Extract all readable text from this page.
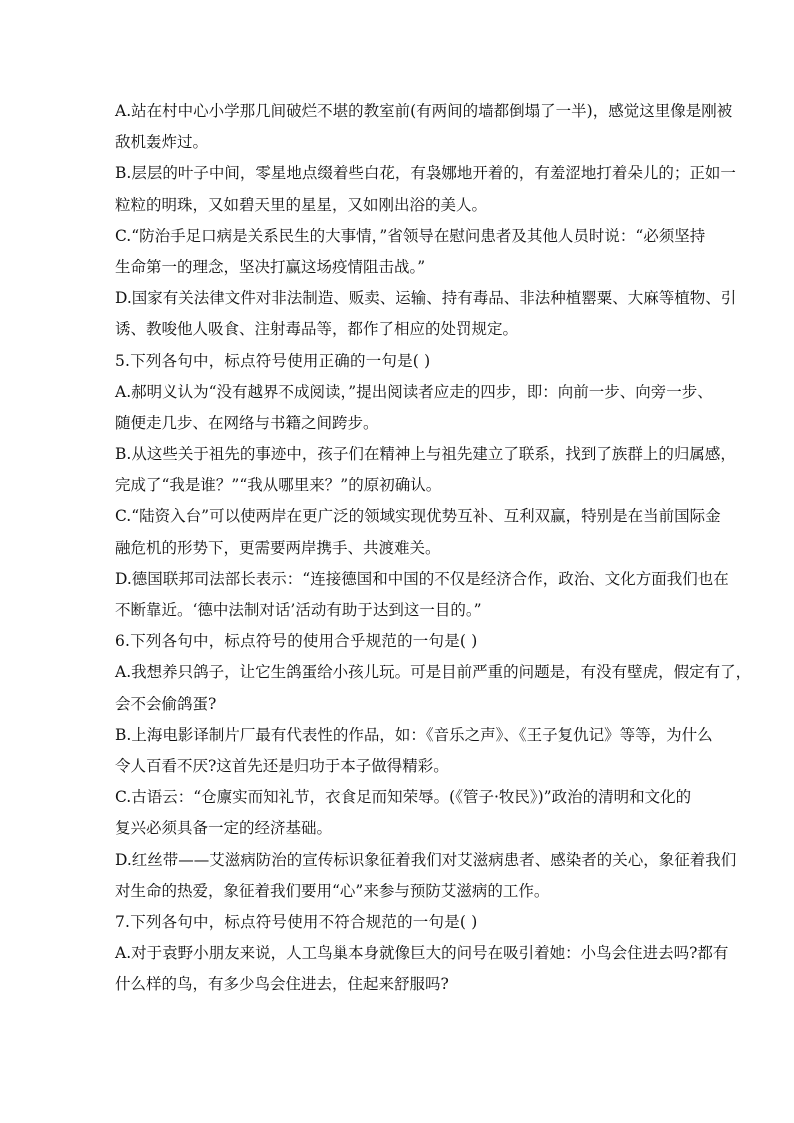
A.站在村中心小学那几间破烂不堪的教室前(有两间的墙都倒塌了一半)，感觉这里像是刚被
敌机轰炸过。
B.层层的叶子中间，零星地点缀着些白花，有袅娜地开着的，有羞涩地打着朵儿的；正如一
粒粒的明珠，又如碧天里的星星，又如刚出浴的美人。
C.“防治手足口病是关系民生的大事情，”省领导在慰问患者及其他人员时说：“必须坚持
生命第一的理念，坚决打赢这场疫情阻击战。”
D.国家有关法律文件对非法制造、贩卖、运输、持有毒品、非法种植罂粟、大麻等植物、引
诱、教唆他人吸食、注射毒品等，都作了相应的处罚规定。
5.下列各句中，标点符号使用正确的一句是( )
A.郝明义认为“没有越界不成阅读，”提出阅读者应走的四步，即：向前一步、向旁一步、
随便走几步、在网络与书籍之间跨步。
B.从这些关于祖先的事迹中，孩子们在精神上与祖先建立了联系，找到了族群上的归属感，
完成了“我是谁？”“我从哪里来？”的原初确认。
C.“陆资入台”可以使两岸在更广泛的领域实现优势互补、互利双赢，特别是在当前国际金
融危机的形势下，更需要两岸携手、共渡难关。
D.德国联邦司法部长表示：“连接德国和中国的不仅是经济合作，政治、文化方面我们也在
不断靠近。‘德中法制对话’活动有助于达到这一目的。”
6.下列各句中，标点符号的使用合乎规范的一句是( )
A.我想养只鸽子，让它生鸽蛋给小孩儿玩。可是目前严重的问题是，有没有壁虎，假定有了，
会不会偷鸽蛋?
B.上海电影译制片厂最有代表性的作品，如：《音乐之声》、《王子复仇记》等等，为什么
令人百看不厌?这首先还是归功于本子做得精彩。
C.古语云：“仓廪实而知礼节，衣食足而知荣辱。(《管子·牧民》)”政治的清明和文化的
复兴必须具备一定的经济基础。
D.红丝带——艾滋病防治的宣传标识象征着我们对艾滋病患者、感染者的关心，象征着我们
对生命的热爱，象征着我们要用“心”来参与预防艾滋病的工作。
7.下列各句中，标点符号使用不符合规范的一句是( )
A.对于袁野小朋友来说，人工鸟巢本身就像巨大的问号在吸引着她：小鸟会住进去吗?都有
什么样的鸟，有多少鸟会住进去，住起来舒服吗?
